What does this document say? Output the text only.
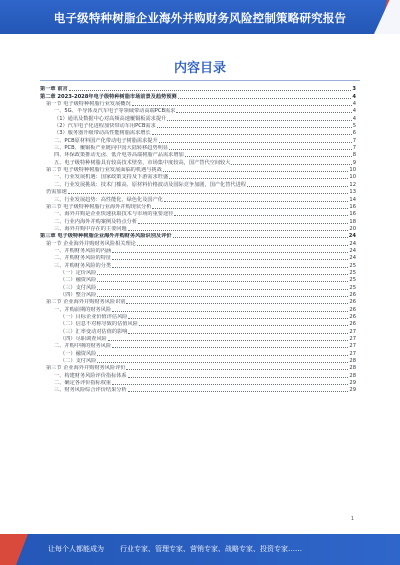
电子级特种树脂企业海外并购财务风险控制策略研究报告
内容目录
第一章 前言	3
第二章 2023-2028年电子级特种树脂市场前景及趋势预测	4
第一节 电子级特种树脂行业发展概况	4
一、5G、半导体及汽车电子等领域带动高端PCB需求	4
（1）通讯及数据中心对高频高速覆铜板需求提升	4
（2）汽车电子化进程加快带动车用PCB需求	5
（3）服务器升级带动高性能树脂需求增长	6
二、PCB原材料国产化带动电子树脂需求提升	7
三、PCB、覆铜板产业链向中国大陆转移趋势明显	7
四、环保政策推动无卤、低介电等高端树脂产品需求增加	8
五、电子级特种树脂具有较高技术壁垒，市场集中度较高，国产替代空间较大	9
第二节 电子级特种树脂行业发展面临的机遇与挑战	10
一、行业发展机遇：国家政策支持及下游需求旺盛	10
二、行业发展挑战：技术门槛高、原材料价格波动及国际竞争加剧，国产化替代进程	12
仍需加速	13
三、行业发展趋势：高性能化、绿色化及国产化	14
第三节 电子级特种树脂行业海外并购现状分析	16
一、海外并购是企业快速获取技术与市场的重要途径	16
二、行业内海外并购案例及特点分析	18
三、海外并购中存在的主要问题	20
第三章 电子级特种树脂企业海外并购财务风险识别及评价	24
第一节 企业海外并购财务风险相关理论	24
一、并购财务风险的内涵	24
二、并购财务风险的特征	24
三、并购财务风险的分类	25
（一）定价风险	25
（二）融资风险	25
（三）支付风险	25
（四）整合风险	26
第二节 企业海外并购财务风险识别	26
一、并购前期的财务风险	26
（一）目标企业价值评估风险	26
（二）信息不对称导致的估值风险	26
（三）汇率变动对估值的影响	27
（四）尽职调查风险	27
二、并购中期的财务风险	27
（一）融资风险	27
（二）支付风险	28
第三节 企业海外并购财务风险评价	28
一、构建财务风险评价指标体系	28
二、确定各评价指标权重	29
三、财务风险综合评价结果分析	29
1
让每个人都能成为 行业专家、管理专家、营销专家、战略专家、投资专家……
